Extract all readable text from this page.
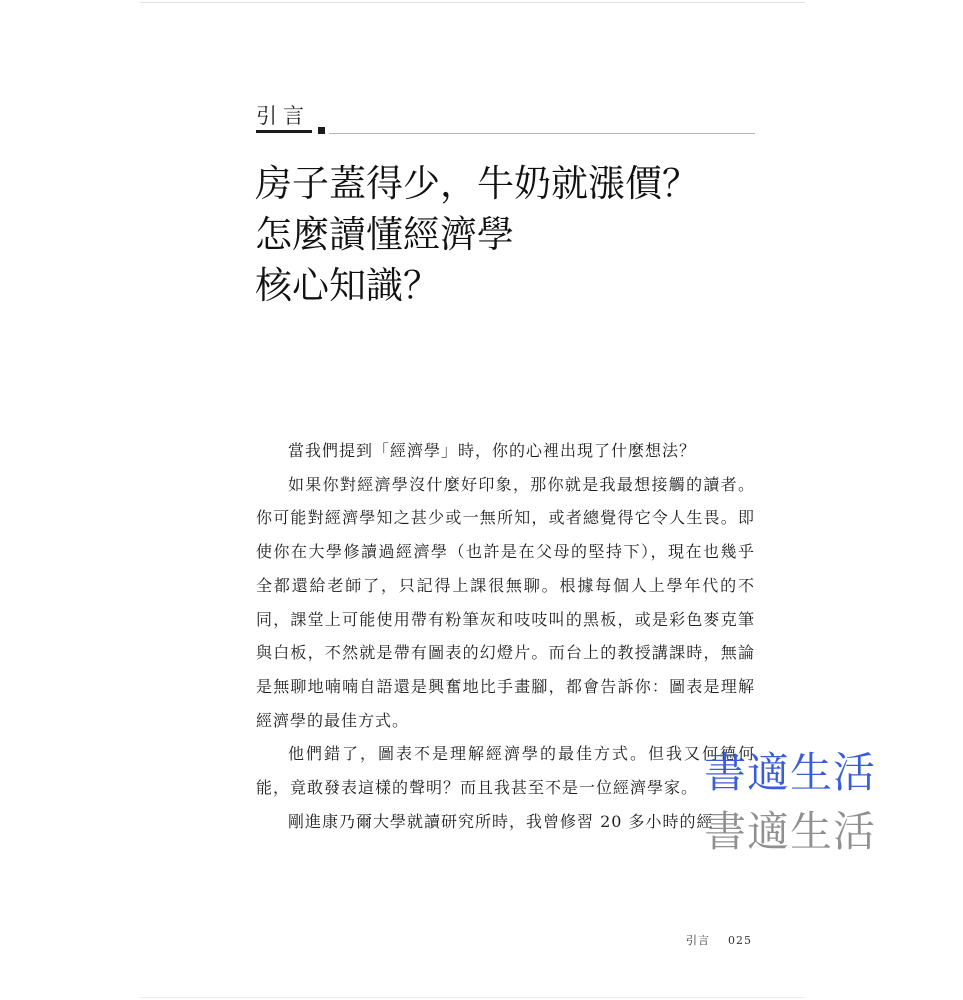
引言
房子蓋得少，牛奶就漲價？
怎麼讀懂經濟學
核心知識？

當我們提到「經濟學」時，你的心裡出現了什麼想法？

如果你對經濟學沒什麼好印象，那你就是我最想接觸的讀者。你可能對經濟學知之甚少或一無所知，或者總覺得它令人生畏。即使你在大學修讀過經濟學（也許是在父母的堅持下），現在也幾乎全都還給老師了，只記得上課很無聊。根據每個人上學年代的不同，課堂上可能使用帶有粉筆灰和吱吱叫的黑板，或是彩色麥克筆與白板，不然就是帶有圖表的幻燈片。而台上的教授講課時，無論是無聊地喃喃自語還是興奮地比手畫腳，都會告訴你：圖表是理解經濟學的最佳方式。

他們錯了，圖表不是理解經濟學的最佳方式。但我又何德何能，竟敢發表這樣的聲明？而且我甚至不是一位經濟學家。

剛進康乃爾大學就讀研究所時，我曾修習 20 多小時的經

書適生活
書適生活
引言 025
